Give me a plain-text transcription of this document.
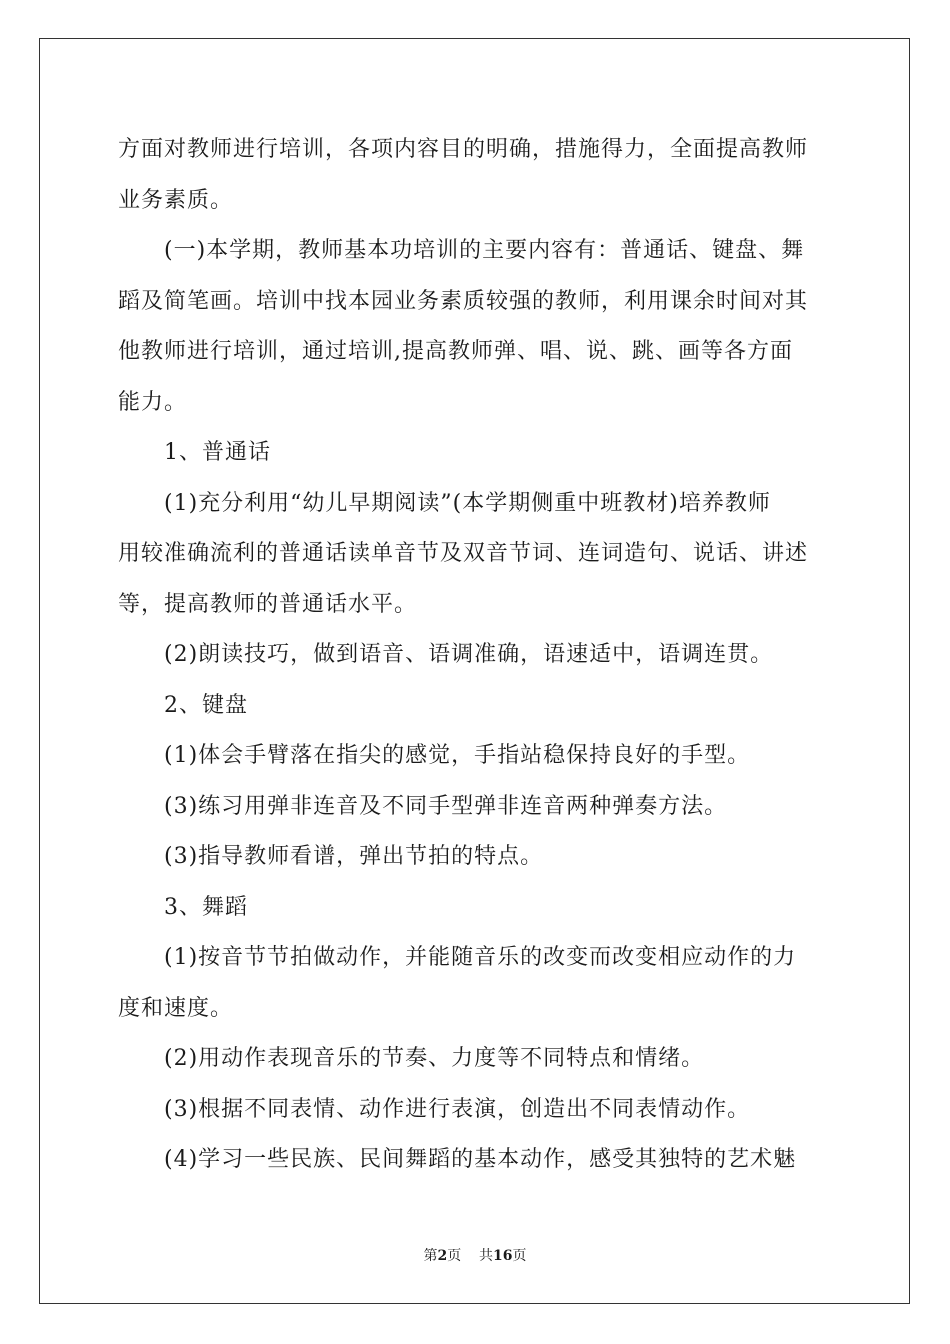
方面对教师进行培训，各项内容目的明确，措施得力，全面提高教师
业务素质。
　　(一)本学期，教师基本功培训的主要内容有：普通话、键盘、舞
蹈及简笔画。培训中找本园业务素质较强的教师，利用课余时间对其
他教师进行培训，通过培训,提高教师弹、唱、说、跳、画等各方面
能力。
　　1、普通话
　　(1)充分利用“幼儿早期阅读”(本学期侧重中班教材)培养教师
用较准确流利的普通话读单音节及双音节词、连词造句、说话、讲述
等，提高教师的普通话水平。
　　(2)朗读技巧，做到语音、语调准确，语速适中，语调连贯。
　　2、键盘
　　(1)体会手臂落在指尖的感觉，手指站稳保持良好的手型。
　　(3)练习用弹非连音及不同手型弹非连音两种弹奏方法。
　　(3)指导教师看谱，弹出节拍的特点。
　　3、舞蹈
　　(1)按音节节拍做动作，并能随音乐的改变而改变相应动作的力
度和速度。
　　(2)用动作表现音乐的节奏、力度等不同特点和情绪。
　　(3)根据不同表情、动作进行表演，创造出不同表情动作。
　　(4)学习一些民族、民间舞蹈的基本动作，感受其独特的艺术魅
第2页 共16页
